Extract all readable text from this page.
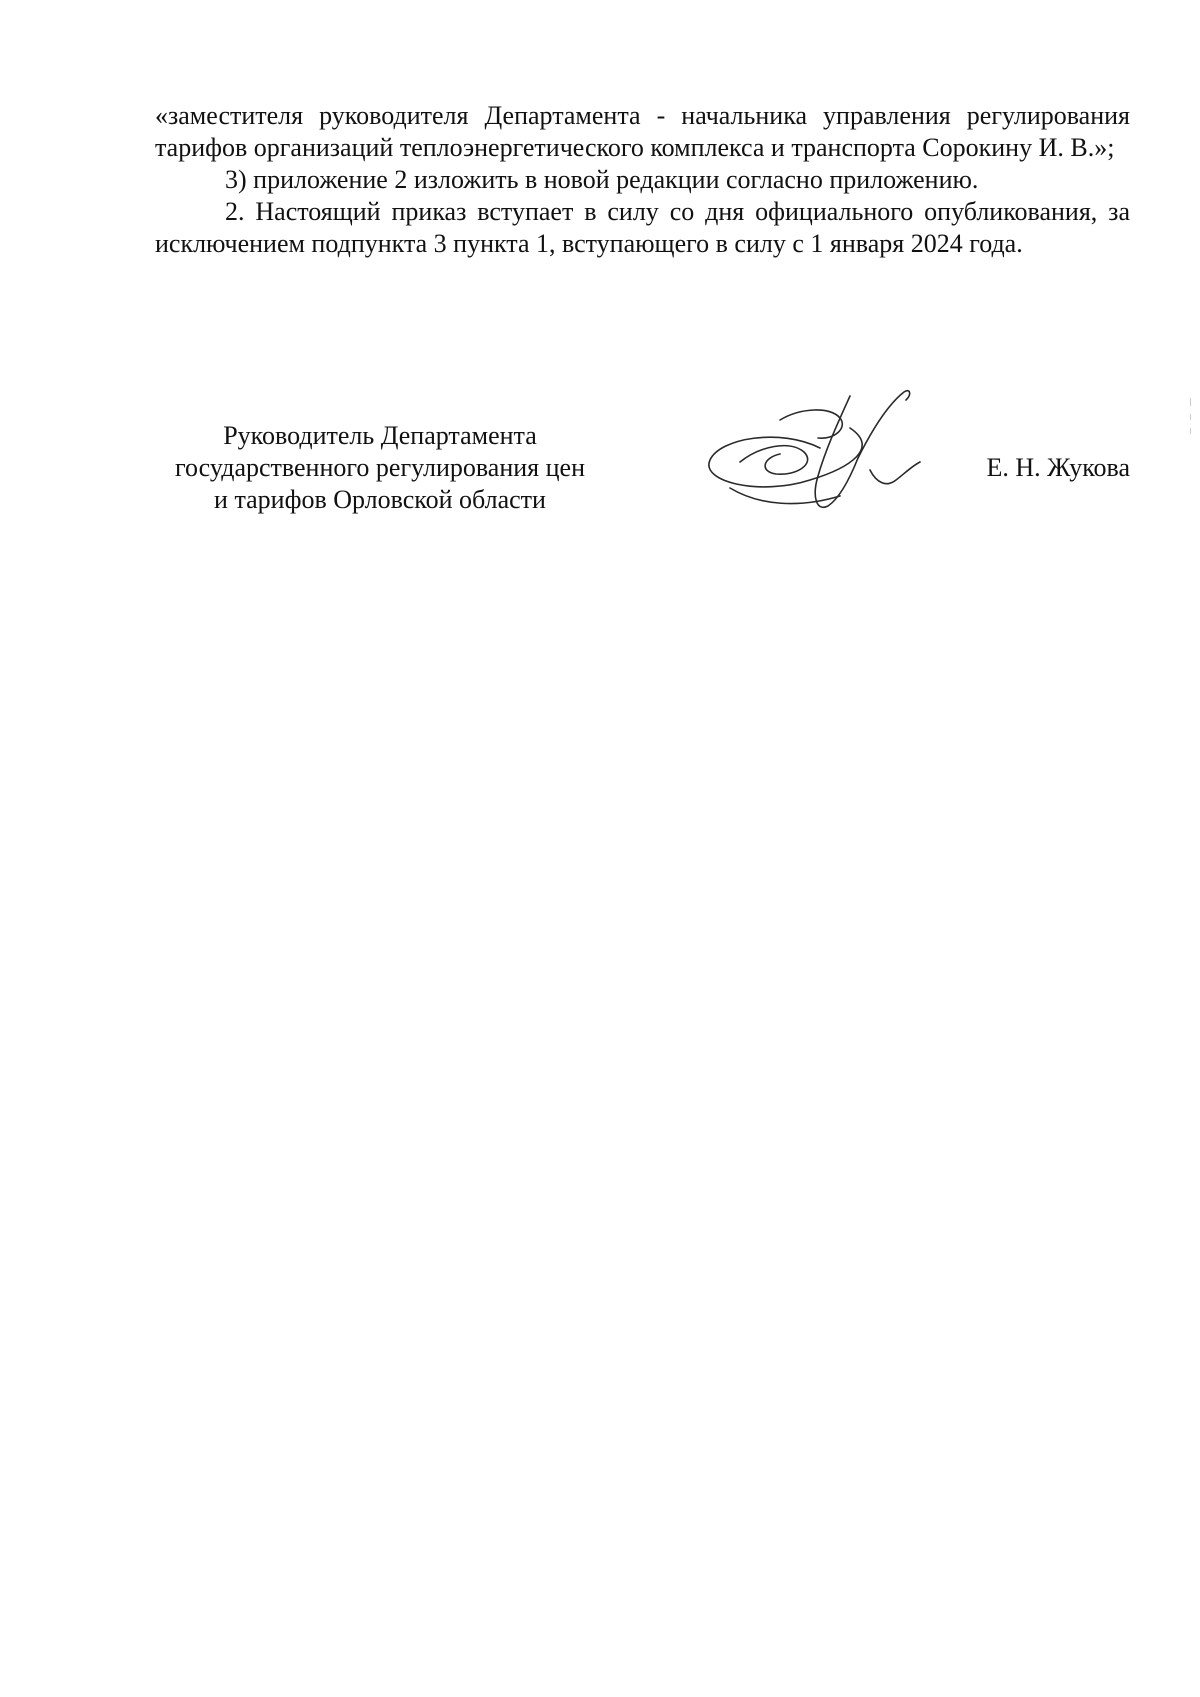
«заместителя руководителя Департамента - начальника управления регулирования тарифов организаций теплоэнергетического комплекса и транспорта Сорокину И. В.»;

3) приложение 2 изложить в новой редакции согласно приложению.

2. Настоящий приказ вступает в силу со дня официального опубликования, за исключением подпункта 3 пункта 1, вступающего в силу с 1 января 2024 года.

Руководитель Департамента
государственного регулирования цен
и тарифов Орловской области
Е. Н. Жукова
